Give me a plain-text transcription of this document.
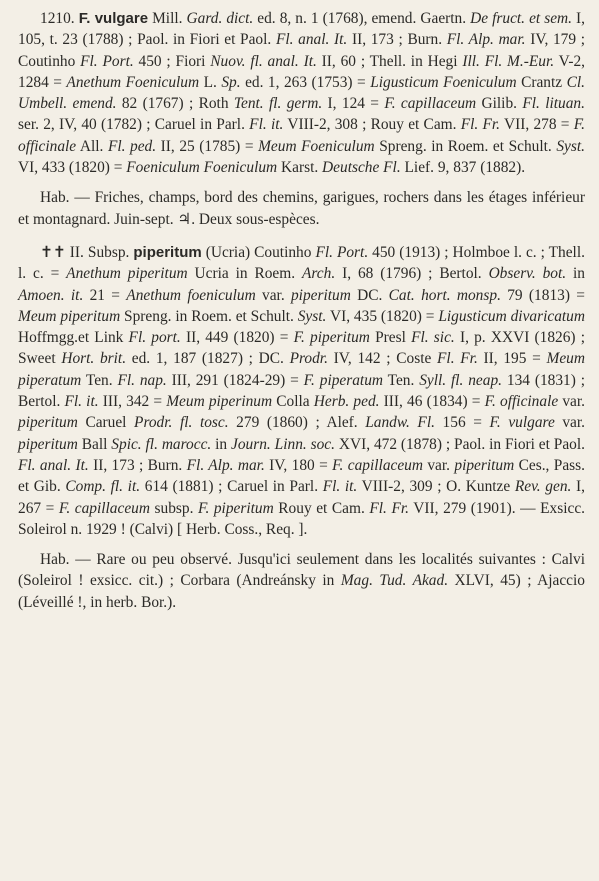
1210. F. vulgare Mill. Gard. dict. ed. 8, n. 1 (1768), emend. Gaertn. De fruct. et sem. I, 105, t. 23 (1788) ; Paol. in Fiori et Paol. Fl. anal. It. II, 173 ; Burn. Fl. Alp. mar. IV, 179 ; Coutinho Fl. Port. 450 ; Fiori Nuov. fl. anal. It. II, 60 ; Thell. in Hegi Ill. Fl. M.-Eur. V-2, 1284 = Anethum Foeniculum L. Sp. ed. 1, 263 (1753) = Ligusticum Foeniculum Crantz Cl. Umbell. emend. 82 (1767) ; Roth Tent. fl. germ. I, 124 = F. capillaceum Gilib. Fl. lituan. ser. 2, IV, 40 (1782) ; Caruel in Parl. Fl. it. VIII-2, 308 ; Rouy et Cam. Fl. Fr. VII, 278 = F. officinale All. Fl. ped. II, 25 (1785) = Meum Foeniculum Spreng. in Roem. et Schult. Syst. VI, 433 (1820) = Foeniculum Foeniculum Karst. Deutsche Fl. Lief. 9, 837 (1882).

Hab. — Friches, champs, bord des chemins, garigues, rochers dans les étages inférieur et montagnard. Juin-sept. ♃. Deux sous-espèces.

✝✝ II. Subsp. piperitum (Ucria) Coutinho Fl. Port. 450 (1913) ; Holmboe l. c. ; Thell. l. c. = Anethum piperitum Ucria in Roem. Arch. I, 68 (1796) ; Bertol. Observ. bot. in Amoen. it. 21 = Anethum foeniculum var. piperitum DC. Cat. hort. monsp. 79 (1813) = Meum piperitum Spreng. in Roem. et Schult. Syst. VI, 435 (1820) = Ligusticum divaricatum Hoffmgg.et Link Fl. port. II, 449 (1820) = F. piperitum Presl Fl. sic. I, p. XXVI (1826) ; Sweet Hort. brit. ed. 1, 187 (1827) ; DC. Prodr. IV, 142 ; Coste Fl. Fr. II, 195 = Meum piperatum Ten. Fl. nap. III, 291 (1824-29) = F. piperatum Ten. Syll. fl. neap. 134 (1831) ; Bertol. Fl. it. III, 342 = Meum piperinum Colla Herb. ped. III, 46 (1834) = F. officinale var. piperitum Caruel Prodr. fl. tosc. 279 (1860) ; Alef. Landw. Fl. 156 = F. vulgare var. piperitum Ball Spic. fl. marocc. in Journ. Linn. soc. XVI, 472 (1878) ; Paol. in Fiori et Paol. Fl. anal. It. II, 173 ; Burn. Fl. Alp. mar. IV, 180 = F. capillaceum var. piperitum Ces., Pass. et Gib. Comp. fl. it. 614 (1881) ; Caruel in Parl. Fl. it. VIII-2, 309 ; O. Kuntze Rev. gen. I, 267 = F. capillaceum subsp. F. piperitum Rouy et Cam. Fl. Fr. VII, 279 (1901). — Exsicc. Soleirol n. 1929 ! (Calvi) [ Herb. Coss., Req. ].

Hab. — Rare ou peu observé. Jusqu'ici seulement dans les localités suivantes : Calvi (Soleirol ! exsicc. cit.) ; Corbara (Andreánsky in Mag. Tud. Akad. XLVI, 45) ; Ajaccio (Léveillé !, in herb. Bor.).
